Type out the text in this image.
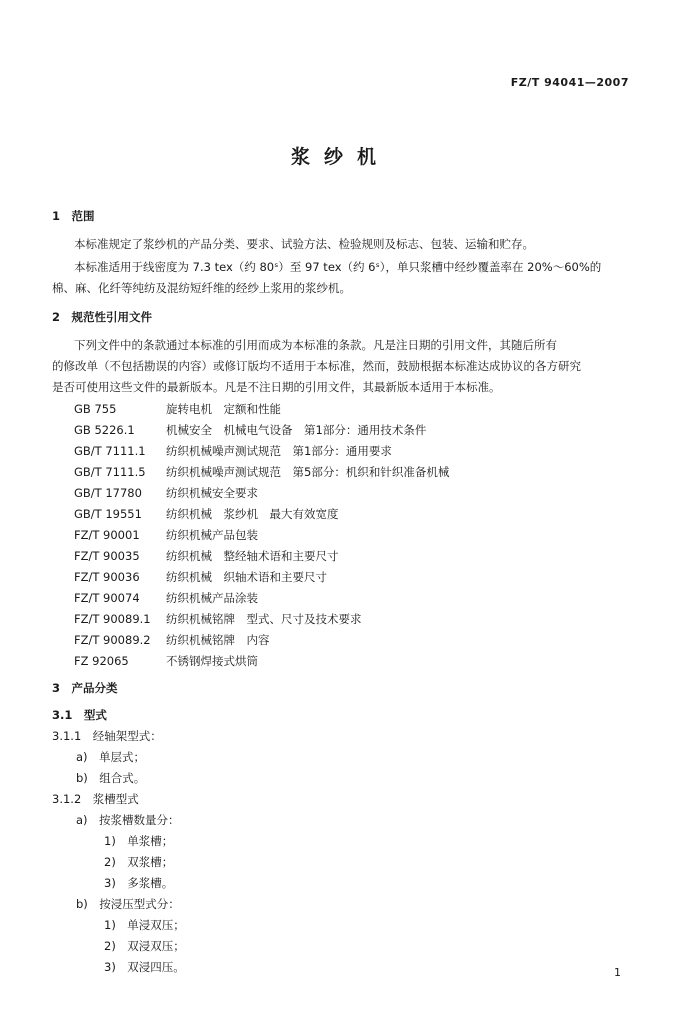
FZ/T 94041—2007
浆纱机
1　范围
本标准规定了浆纱机的产品分类、要求、试验方法、检验规则及标志、包装、运输和贮存。
本标准适用于线密度为 7.3 tex（约 80ˢ）至 97 tex（约 6ˢ），单只浆槽中经纱覆盖率在 20%～60%的
棉、麻、化纤等纯纺及混纺短纤维的经纱上浆用的浆纱机。
2　规范性引用文件
下列文件中的条款通过本标准的引用而成为本标准的条款。凡是注日期的引用文件，其随后所有
的修改单（不包括勘误的内容）或修订版均不适用于本标准，然而，鼓励根据本标准达成协议的各方研究
是否可使用这些文件的最新版本。凡是不注日期的引用文件，其最新版本适用于本标准。
GB 755	旋转电机　定额和性能
GB 5226.1	机械安全　机械电气设备　第1部分：通用技术条件
GB/T 7111.1 纺织机械噪声测试规范　第1部分：通用要求
GB/T 7111.5 纺织机械噪声测试规范　第5部分：机织和针织准备机械
GB/T 17780 纺织机械安全要求
GB/T 19551 纺织机械　浆纱机　最大有效宽度
FZ/T 90001 纺织机械产品包装
FZ/T 90035 纺织机械　整经轴术语和主要尺寸
FZ/T 90036 纺织机械　织轴术语和主要尺寸
FZ/T 90074 纺织机械产品涂装
FZ/T 90089.1 纺织机械铭牌　型式、尺寸及技术要求
FZ/T 90089.2 纺织机械铭牌　内容
FZ 92065	不锈钢焊接式烘筒
3　产品分类
3.1　型式
3.1.1　经轴架型式：
a)　单层式；
b)　组合式。
3.1.2　浆槽型式
a)　按浆槽数量分：
1)　单浆槽；
2)　双浆槽；
3)　多浆槽。
b)　按浸压型式分：
1)　单浸双压；
2)　双浸双压；
3)　双浸四压。	1
